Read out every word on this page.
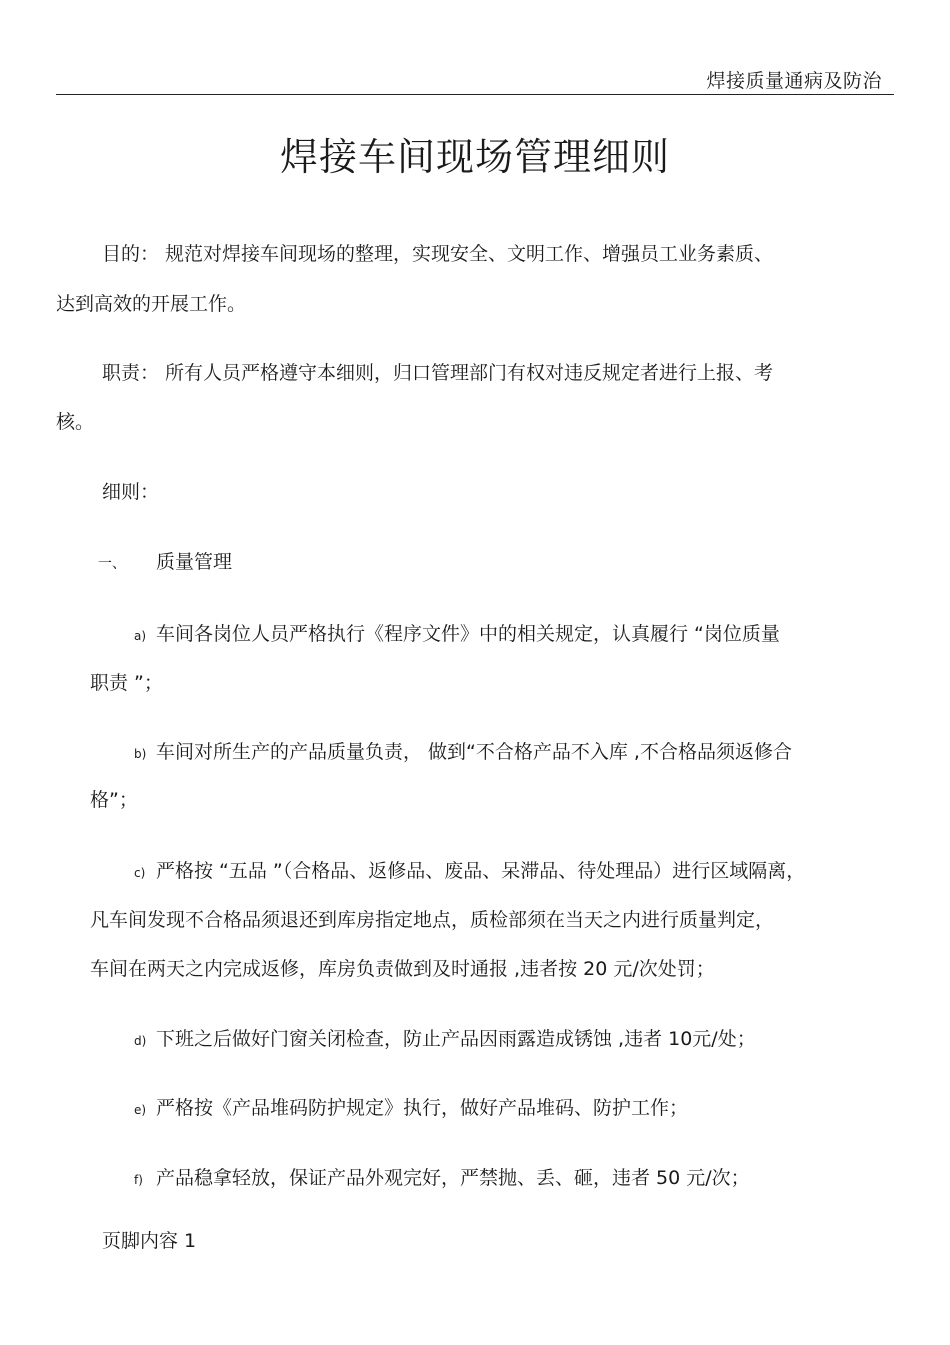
焊接质量通病及防治
焊接车间现场管理细则
目的： 规范对焊接车间现场的整理，实现安全、文明工作、增强员工业务素质、
达到高效的开展工作。
职责： 所有人员严格遵守本细则，归口管理部门有权对违反规定者进行上报、考
核。
细则：
一、 质量管理
a) 车间各岗位人员严格执行《程序文件》中的相关规定，认真履行 “岗位质量
职责 ”；
b) 车间对所生产的产品质量负责， 做到“不合格产品不入库 ,不合格品须返修合
格”；
c) 严格按 “五品 ”（合格品、返修品、废品、呆滞品、待处理品）进行区域隔离，
凡车间发现不合格品须退还到库房指定地点，质检部须在当天之内进行质量判定，
车间在两天之内完成返修，库房负责做到及时通报 ,违者按 20 元/次处罚；
d) 下班之后做好门窗关闭检查，防止产品因雨露造成锈蚀 ,违者 10元/处；
e) 严格按《产品堆码防护规定》执行，做好产品堆码、防护工作；
f) 产品稳拿轻放，保证产品外观完好，严禁抛、丢、砸，违者 50 元/次；
页脚内容 1
